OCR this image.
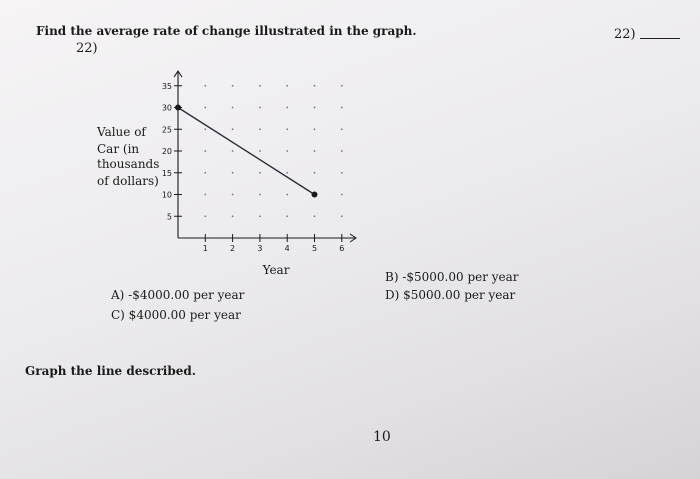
Find the average rate of change illustrated in the graph.
22)
22)
Value of
Car (in
thousands
of dollars)
5
10
15
20
25
30
35
1	2	3	4	5	6
Year
A) -$4000.00 per year
C) $4000.00 per year
B) -$5000.00 per year
D) $5000.00 per year
Graph the line described.
10
